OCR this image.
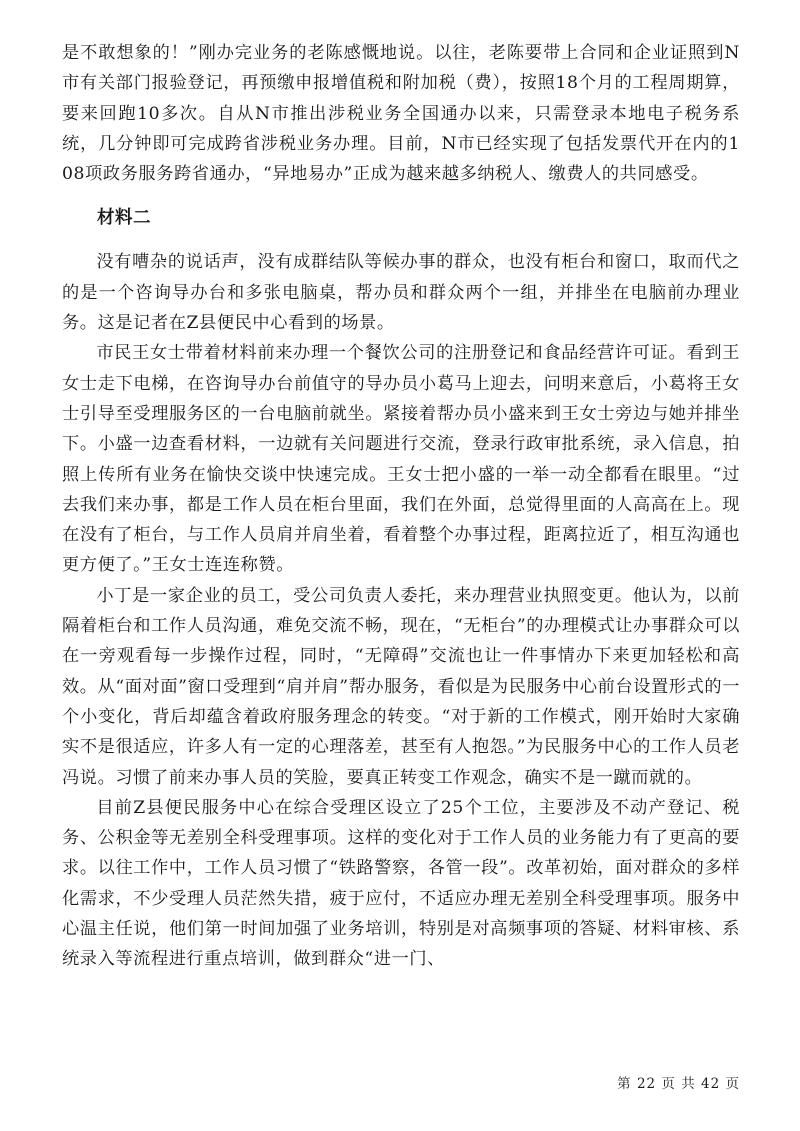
是不敢想象的！”刚办完业务的老陈感慨地说。以往，老陈要带上合同和企业证照到N市有关部门报验登记，再预缴申报增值税和附加税（费），按照18个月的工程周期算，要来回跑10多次。自从N市推出涉税业务全国通办以来，只需登录本地电子税务系统，几分钟即可完成跨省涉税业务办理。目前，N市已经实现了包括发票代开在内的108项政务服务跨省通办，“异地易办”正成为越来越多纳税人、缴费人的共同感受。

材料二

没有嘈杂的说话声，没有成群结队等候办事的群众，也没有柜台和窗口，取而代之的是一个咨询导办台和多张电脑桌，帮办员和群众两个一组，并排坐在电脑前办理业务。这是记者在Z县便民中心看到的场景。

市民王女士带着材料前来办理一个餐饮公司的注册登记和食品经营许可证。看到王女士走下电梯，在咨询导办台前值守的导办员小葛马上迎去，问明来意后，小葛将王女士引导至受理服务区的一台电脑前就坐。紧接着帮办员小盛来到王女士旁边与她并排坐下。小盛一边查看材料，一边就有关问题进行交流，登录行政审批系统，录入信息，拍照上传所有业务在愉快交谈中快速完成。王女士把小盛的一举一动全都看在眼里。“过去我们来办事，都是工作人员在柜台里面，我们在外面，总觉得里面的人高高在上。现在没有了柜台，与工作人员肩并肩坐着，看着整个办事过程，距离拉近了，相互沟通也更方便了。”王女士连连称赞。

小丁是一家企业的员工，受公司负责人委托，来办理营业执照变更。他认为，以前隔着柜台和工作人员沟通，难免交流不畅，现在，“无柜台”的办理模式让办事群众可以在一旁观看每一步操作过程，同时，“无障碍”交流也让一件事情办下来更加轻松和高效。从“面对面”窗口受理到“肩并肩”帮办服务，看似是为民服务中心前台设置形式的一个小变化，背后却蕴含着政府服务理念的转变。“对于新的工作模式，刚开始时大家确实不是很适应，许多人有一定的心理落差，甚至有人抱怨。”为民服务中心的工作人员老冯说。习惯了前来办事人员的笑脸，要真正转变工作观念，确实不是一蹴而就的。

目前Z县便民服务中心在综合受理区设立了25个工位，主要涉及不动产登记、税务、公积金等无差别全科受理事项。这样的变化对于工作人员的业务能力有了更高的要求。以往工作中，工作人员习惯了“铁路警察，各管一段”。改革初始，面对群众的多样化需求，不少受理人员茫然失措，疲于应付，不适应办理无差别全科受理事项。服务中心温主任说，他们第一时间加强了业务培训，特别是对高频事项的答疑、材料审核、系统录入等流程进行重点培训，做到群众“进一门、

第 22 页 共 42 页
